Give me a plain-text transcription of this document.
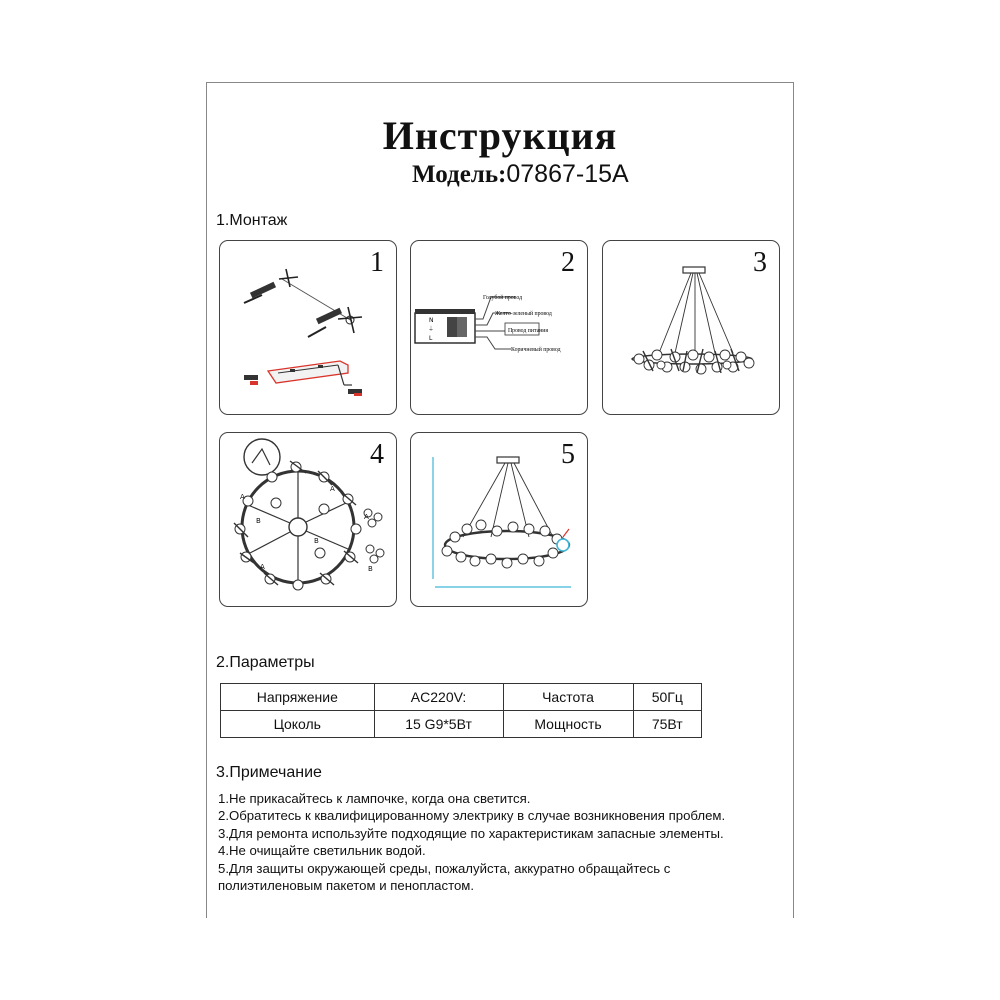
Инструкция
Модель:07867-15A
1.Монтаж
1	2
N
⏚
L
Голубой провод
Желто-зеленый провод
Провод питания
Коричневый провод
3
4
A
B
A
B
A
A
B
5
2.Параметры
Напряжение	AC220V:	Частота	50Гц
Цоколь	15 G9*5Вт	Мощность	75Вт
3.Примечание
1.Не прикасайтесь к лампочке, когда она светится.
2.Обратитесь к квалифицированному электрику в случае возникновения проблем.
3.Для ремонта используйте подходящие по характеристикам запасные элементы.
4.Не очищайте светильник водой.
5.Для защиты окружающей среды, пожалуйста, аккуратно обращайтесь с
полиэтиленовым пакетом и пенопластом.
